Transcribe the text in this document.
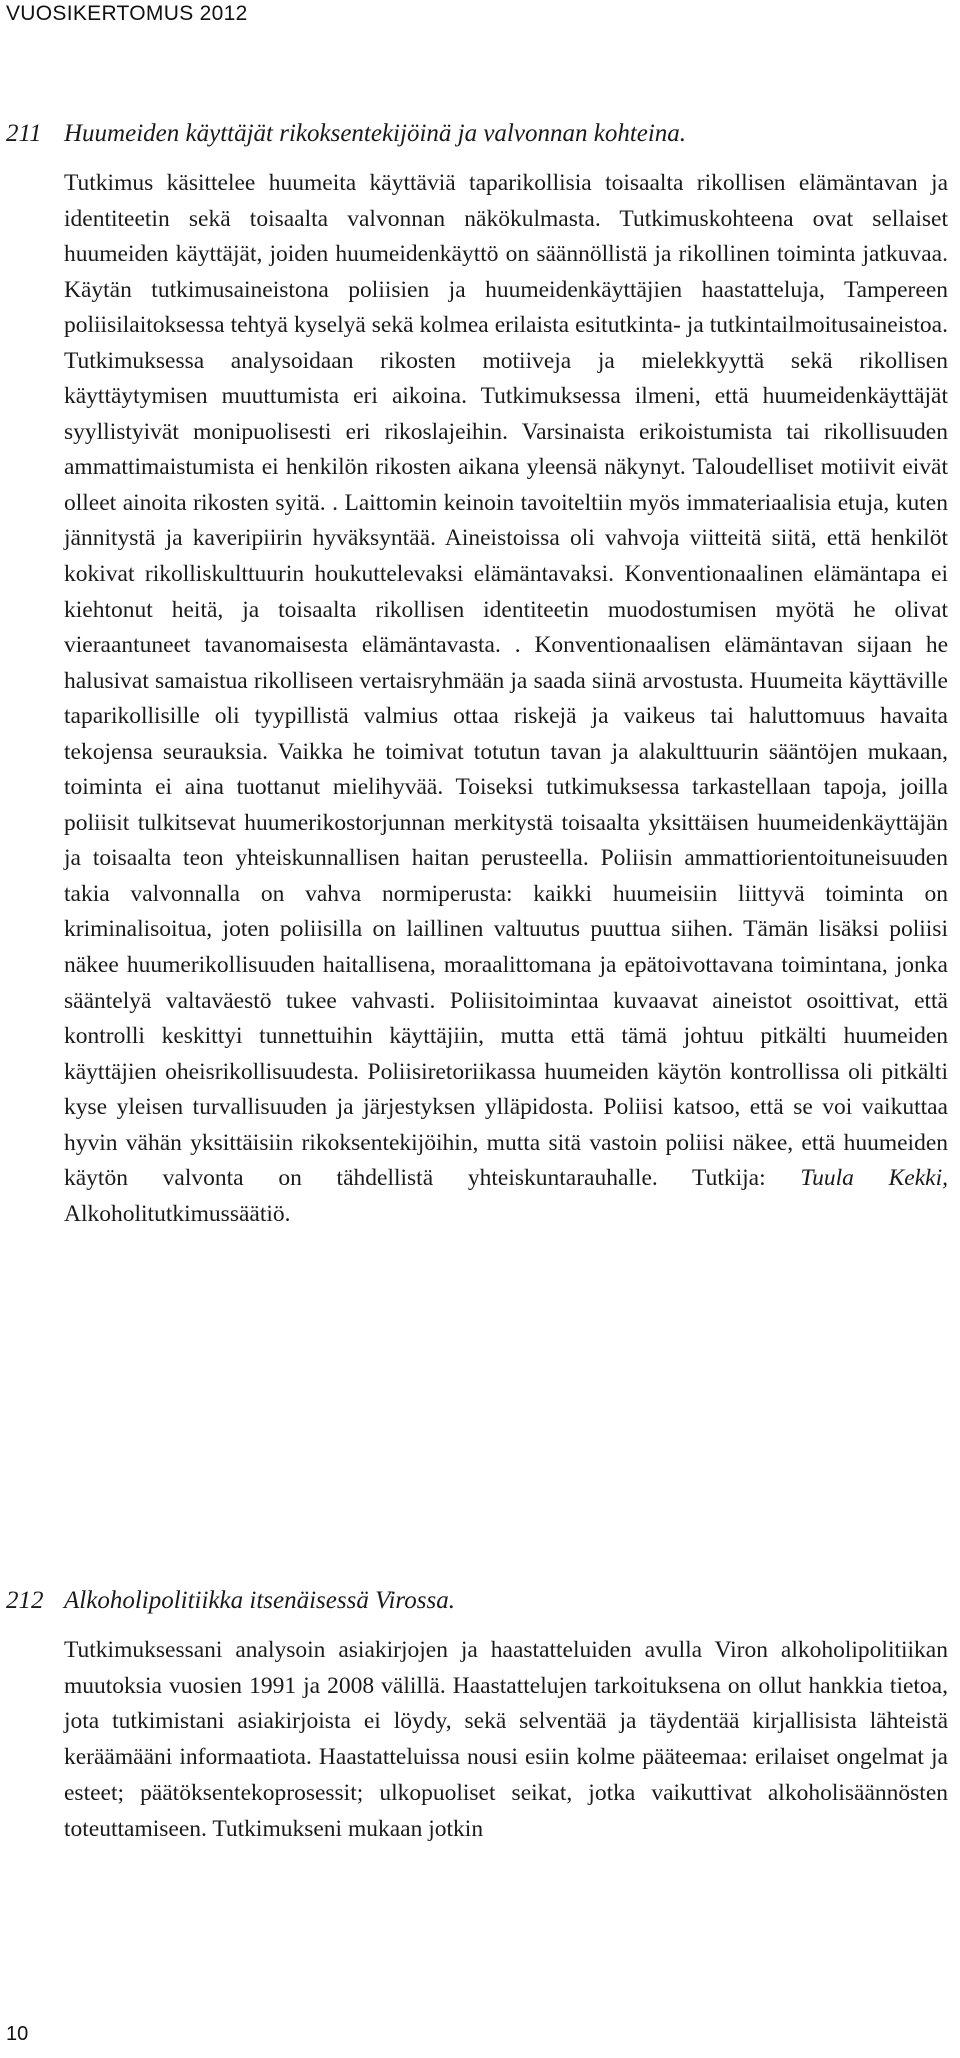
VUOSIKERTOMUS 2012
211 Huumeiden käyttäjät rikoksentekijöinä ja valvonnan kohteina.

Tutkimus käsittelee huumeita käyttäviä taparikollisia toisaalta rikollisen elämäntavan ja identiteetin sekä toisaalta valvonnan näkökulmasta. Tutkimuskohteena ovat sellaiset huumeiden käyttäjät, joiden huumeidenkäyttö on säännöllistä ja rikollinen toiminta jatkuvaa. Käytän tutkimusaineistona poliisien ja huumeidenkäyttäjien haastatteluja, Tampereen poliisilaitoksessa tehtyä kyselyä sekä kolmea erilaista esitutkinta- ja tutkintailmoitusaineistoa. Tutkimuksessa analysoidaan rikosten motiiveja ja mielekkyyttä sekä rikollisen käyttäytymisen muuttumista eri aikoina. Tutkimuksessa ilmeni, että huumeidenkäyttäjät syyllistyivät monipuolisesti eri rikoslajeihin. Varsinaista erikoistumista tai rikollisuuden ammattimaistumista ei henkilön rikosten aikana yleensä näkynyt. Taloudelliset motiivit eivät olleet ainoita rikosten syitä. . Laittomin keinoin tavoiteltiin myös immateriaalisia etuja, kuten jännitystä ja kaveripiirin hyväksyntää. Aineistoissa oli vahvoja viitteitä siitä, että henkilöt kokivat rikolliskulttuurin houkuttelevaksi elämäntavaksi. Konventionaalinen elämäntapa ei kiehtonut heitä, ja toisaalta rikollisen identiteetin muodostumisen myötä he olivat vieraantuneet tavanomaisesta elämäntavasta. . Konventionaalisen elämäntavan sijaan he halusivat samaistua rikolliseen vertaisryhmään ja saada siinä arvostusta. Huumeita käyttäville taparikollisille oli tyypillistä valmius ottaa riskejä ja vaikeus tai haluttomuus havaita tekojensa seurauksia. Vaikka he toimivat totutun tavan ja alakulttuurin sääntöjen mukaan, toiminta ei aina tuottanut mielihyvää. Toiseksi tutkimuksessa tarkastellaan tapoja, joilla poliisit tulkitsevat huumerikostorjunnan merkitystä toisaalta yksittäisen huumeidenkäyttäjän ja toisaalta teon yhteiskunnallisen haitan perusteella. Poliisin ammattiorientoituneisuuden takia valvonnalla on vahva normiperusta: kaikki huumeisiin liittyvä toiminta on kriminalisoitua, joten poliisilla on laillinen valtuutus puuttua siihen. Tämän lisäksi poliisi näkee huumerikollisuuden haitallisena, moraalittomana ja epätoivottavana toimintana, jonka sääntelyä valtaväestö tukee vahvasti. Poliisitoimintaa kuvaavat aineistot osoittivat, että kontrolli keskittyi tunnettuihin käyttäjiin, mutta että tämä johtuu pitkälti huumeiden käyttäjien oheisrikollisuudesta. Poliisiretoriikassa huumeiden käytön kontrollissa oli pitkälti kyse yleisen turvallisuuden ja järjestyksen ylläpidosta. Poliisi katsoo, että se voi vaikuttaa hyvin vähän yksittäisiin rikoksentekijöihin, mutta sitä vastoin poliisi näkee, että huumeiden käytön valvonta on tähdellistä yhteiskuntarauhalle. Tutkija: Tuula Kekki, Alkoholitutkimussäätiö.

212 Alkoholipolitiikka itsenäisessä Virossa.

Tutkimuksessani analysoin asiakirjojen ja haastatteluiden avulla Viron alkoholipolitiikan muutoksia vuosien 1991 ja 2008 välillä. Haastattelujen tarkoituksena on ollut hankkia tietoa, jota tutkimistani asiakirjoista ei löydy, sekä selventää ja täydentää kirjallisista lähteistä keräämääni informaatiota. Haastatteluissa nousi esiin kolme pääteemaa: erilaiset ongelmat ja esteet; päätöksentekoprosessit; ulkopuoliset seikat, jotka vaikuttivat alkoholisäännösten toteuttamiseen. Tutkimukseni mukaan jotkin

10
